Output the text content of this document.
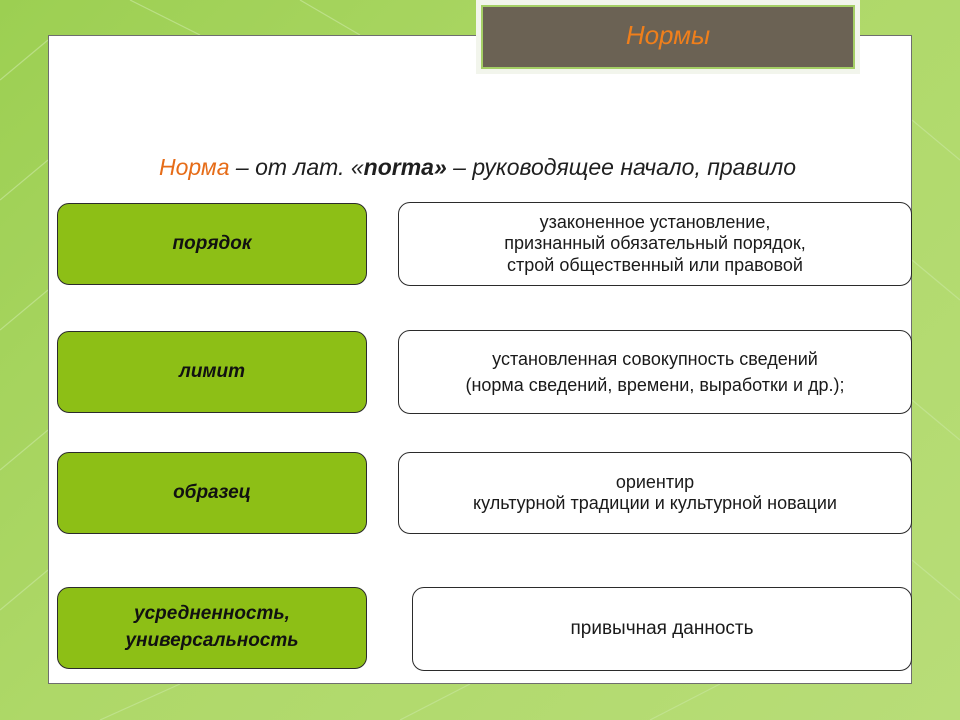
Норма – от лат. «norma» – руководящее начало, правило
порядок
узаконенное установление,
признанный обязательный порядок,
строй общественный или правовой
лимит
установленная совокупность сведений
(норма сведений, времени, выработки и др.);
образец	ориентир
культурной традиции и культурной новации
усредненность,
универсальность
привычная данность
Нормы
